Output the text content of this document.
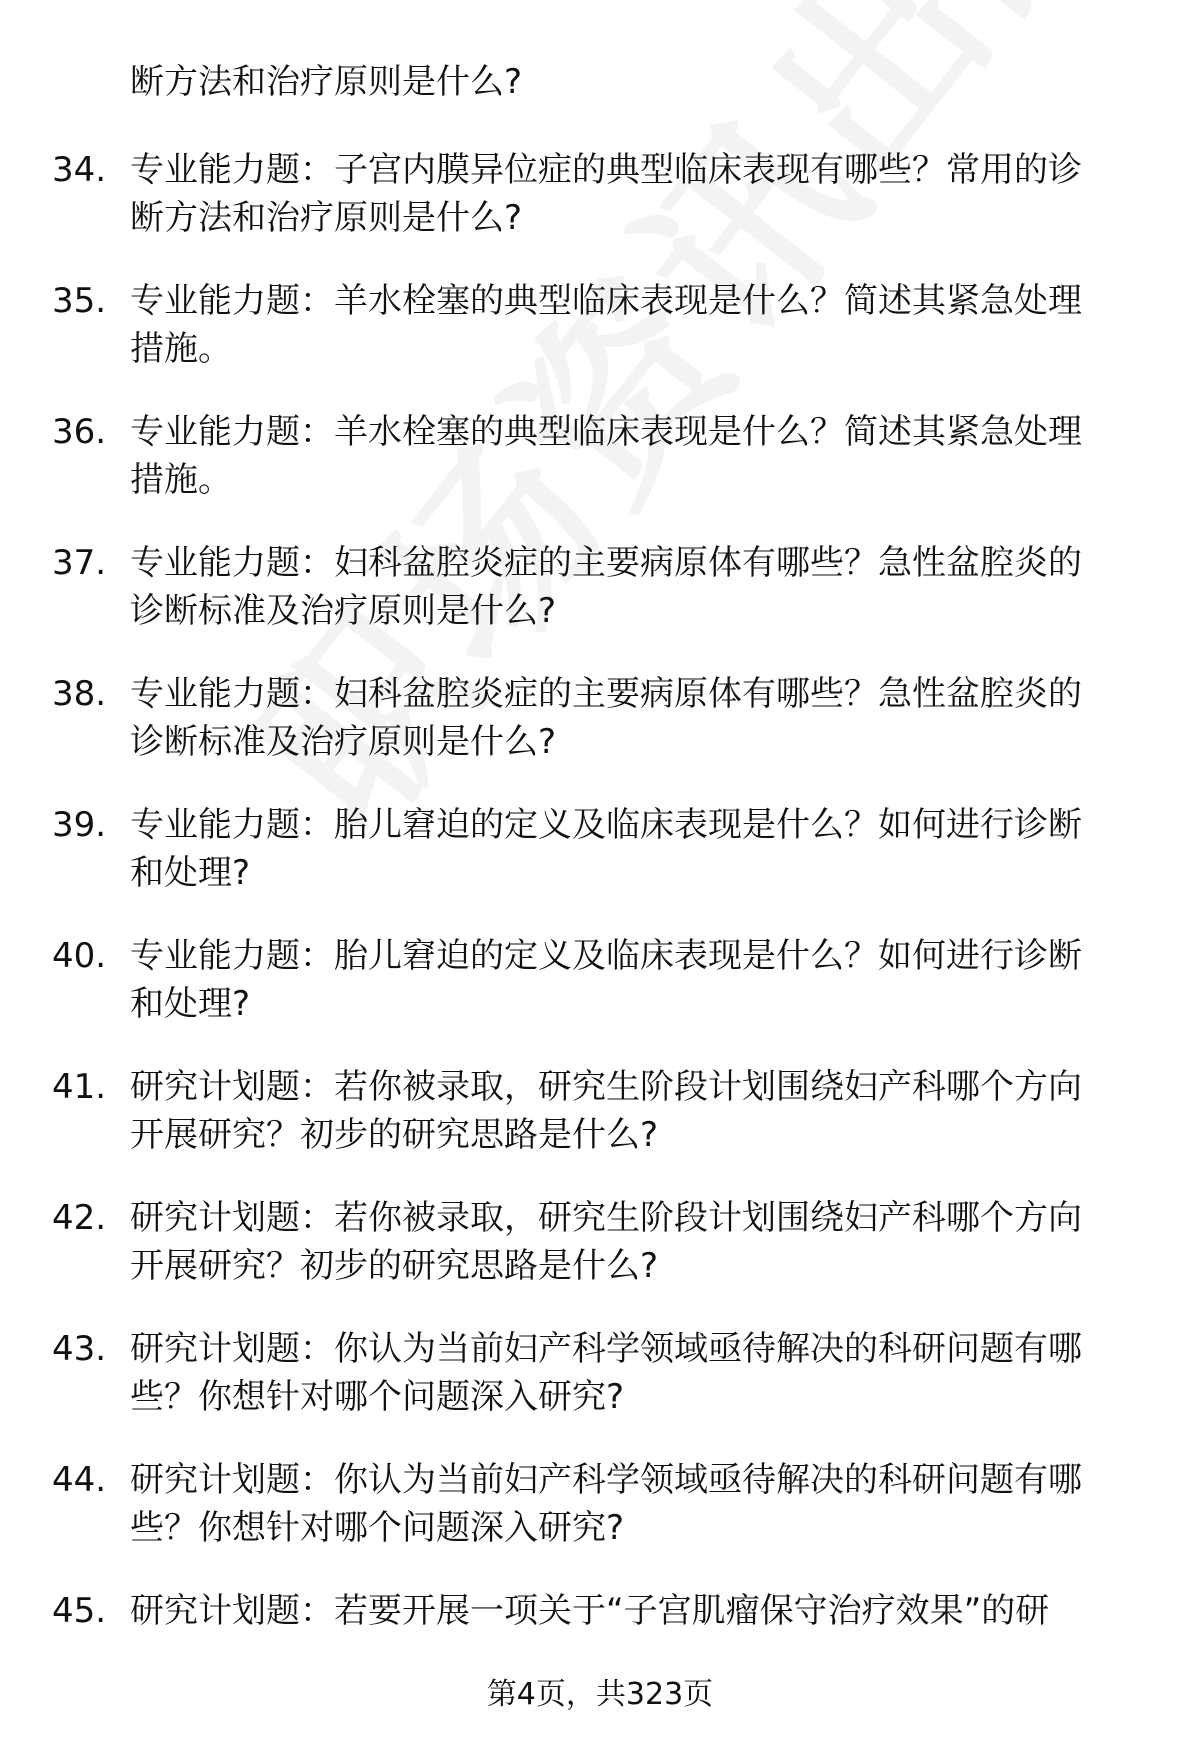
断方法和治疗原则是什么?
34. 专业能力题：子宫内膜异位症的典型临床表现有哪些？常用的诊
断方法和治疗原则是什么?
35. 专业能力题：羊水栓塞的典型临床表现是什么？简述其紧急处理
措施。
36. 专业能力题：羊水栓塞的典型临床表现是什么？简述其紧急处理
措施。
37. 专业能力题：妇科盆腔炎症的主要病原体有哪些？急性盆腔炎的
诊断标准及治疗原则是什么?
38. 专业能力题：妇科盆腔炎症的主要病原体有哪些？急性盆腔炎的
诊断标准及治疗原则是什么?
39. 专业能力题：胎儿窘迫的定义及临床表现是什么？如何进行诊断
和处理?
40. 专业能力题：胎儿窘迫的定义及临床表现是什么？如何进行诊断
和处理?
41. 研究计划题：若你被录取，研究生阶段计划围绕妇产科哪个方向
开展研究？初步的研究思路是什么?
42. 研究计划题：若你被录取，研究生阶段计划围绕妇产科哪个方向
开展研究？初步的研究思路是什么?
43. 研究计划题：你认为当前妇产科学领域亟待解决的科研问题有哪
些？你想针对哪个问题深入研究?
44. 研究计划题：你认为当前妇产科学领域亟待解决的科研问题有哪
些？你想针对哪个问题深入研究?
45. 研究计划题：若要开展一项关于“子宫肌瘤保守治疗效果”的研
第4页，共323页
